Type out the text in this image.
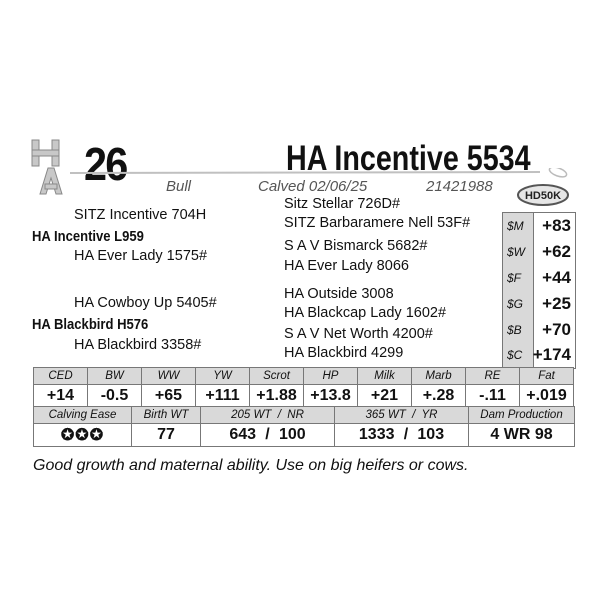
26	HA Incentive 5534
Bull	Calved 02/06/25	21421988
HD50K
SITZ Incentive 704H
HA Incentive L959
HA Ever Lady 1575#
HA Cowboy Up 5405#
HA Blackbird H576
HA Blackbird 3358#
Sitz Stellar 726D#
SITZ Barbaramere Nell 53F#
S A V Bismarck 5682#
HA Ever Lady 8066
HA Outside 3008
HA Blackcap Lady 1602#
S A V Net Worth 4200#
HA Blackbird 4299
$M +83
$W +62
$F +44
$G +25
$B +70
$C +174
CED	BW	WW	YW	Scrot	HP	Milk	Marb	RE	Fat
+14	-0.5	+65	+111	+1.88	+13.8	+21	+.28	-.11	+.019
Calving Ease	Birth WT	205 WT  /  NR	365 WT  /  YR	Dam Production
✪✪✪	77	643 / 100	1333 / 103	4 WR 98
Good growth and maternal ability. Use on big heifers or cows.
